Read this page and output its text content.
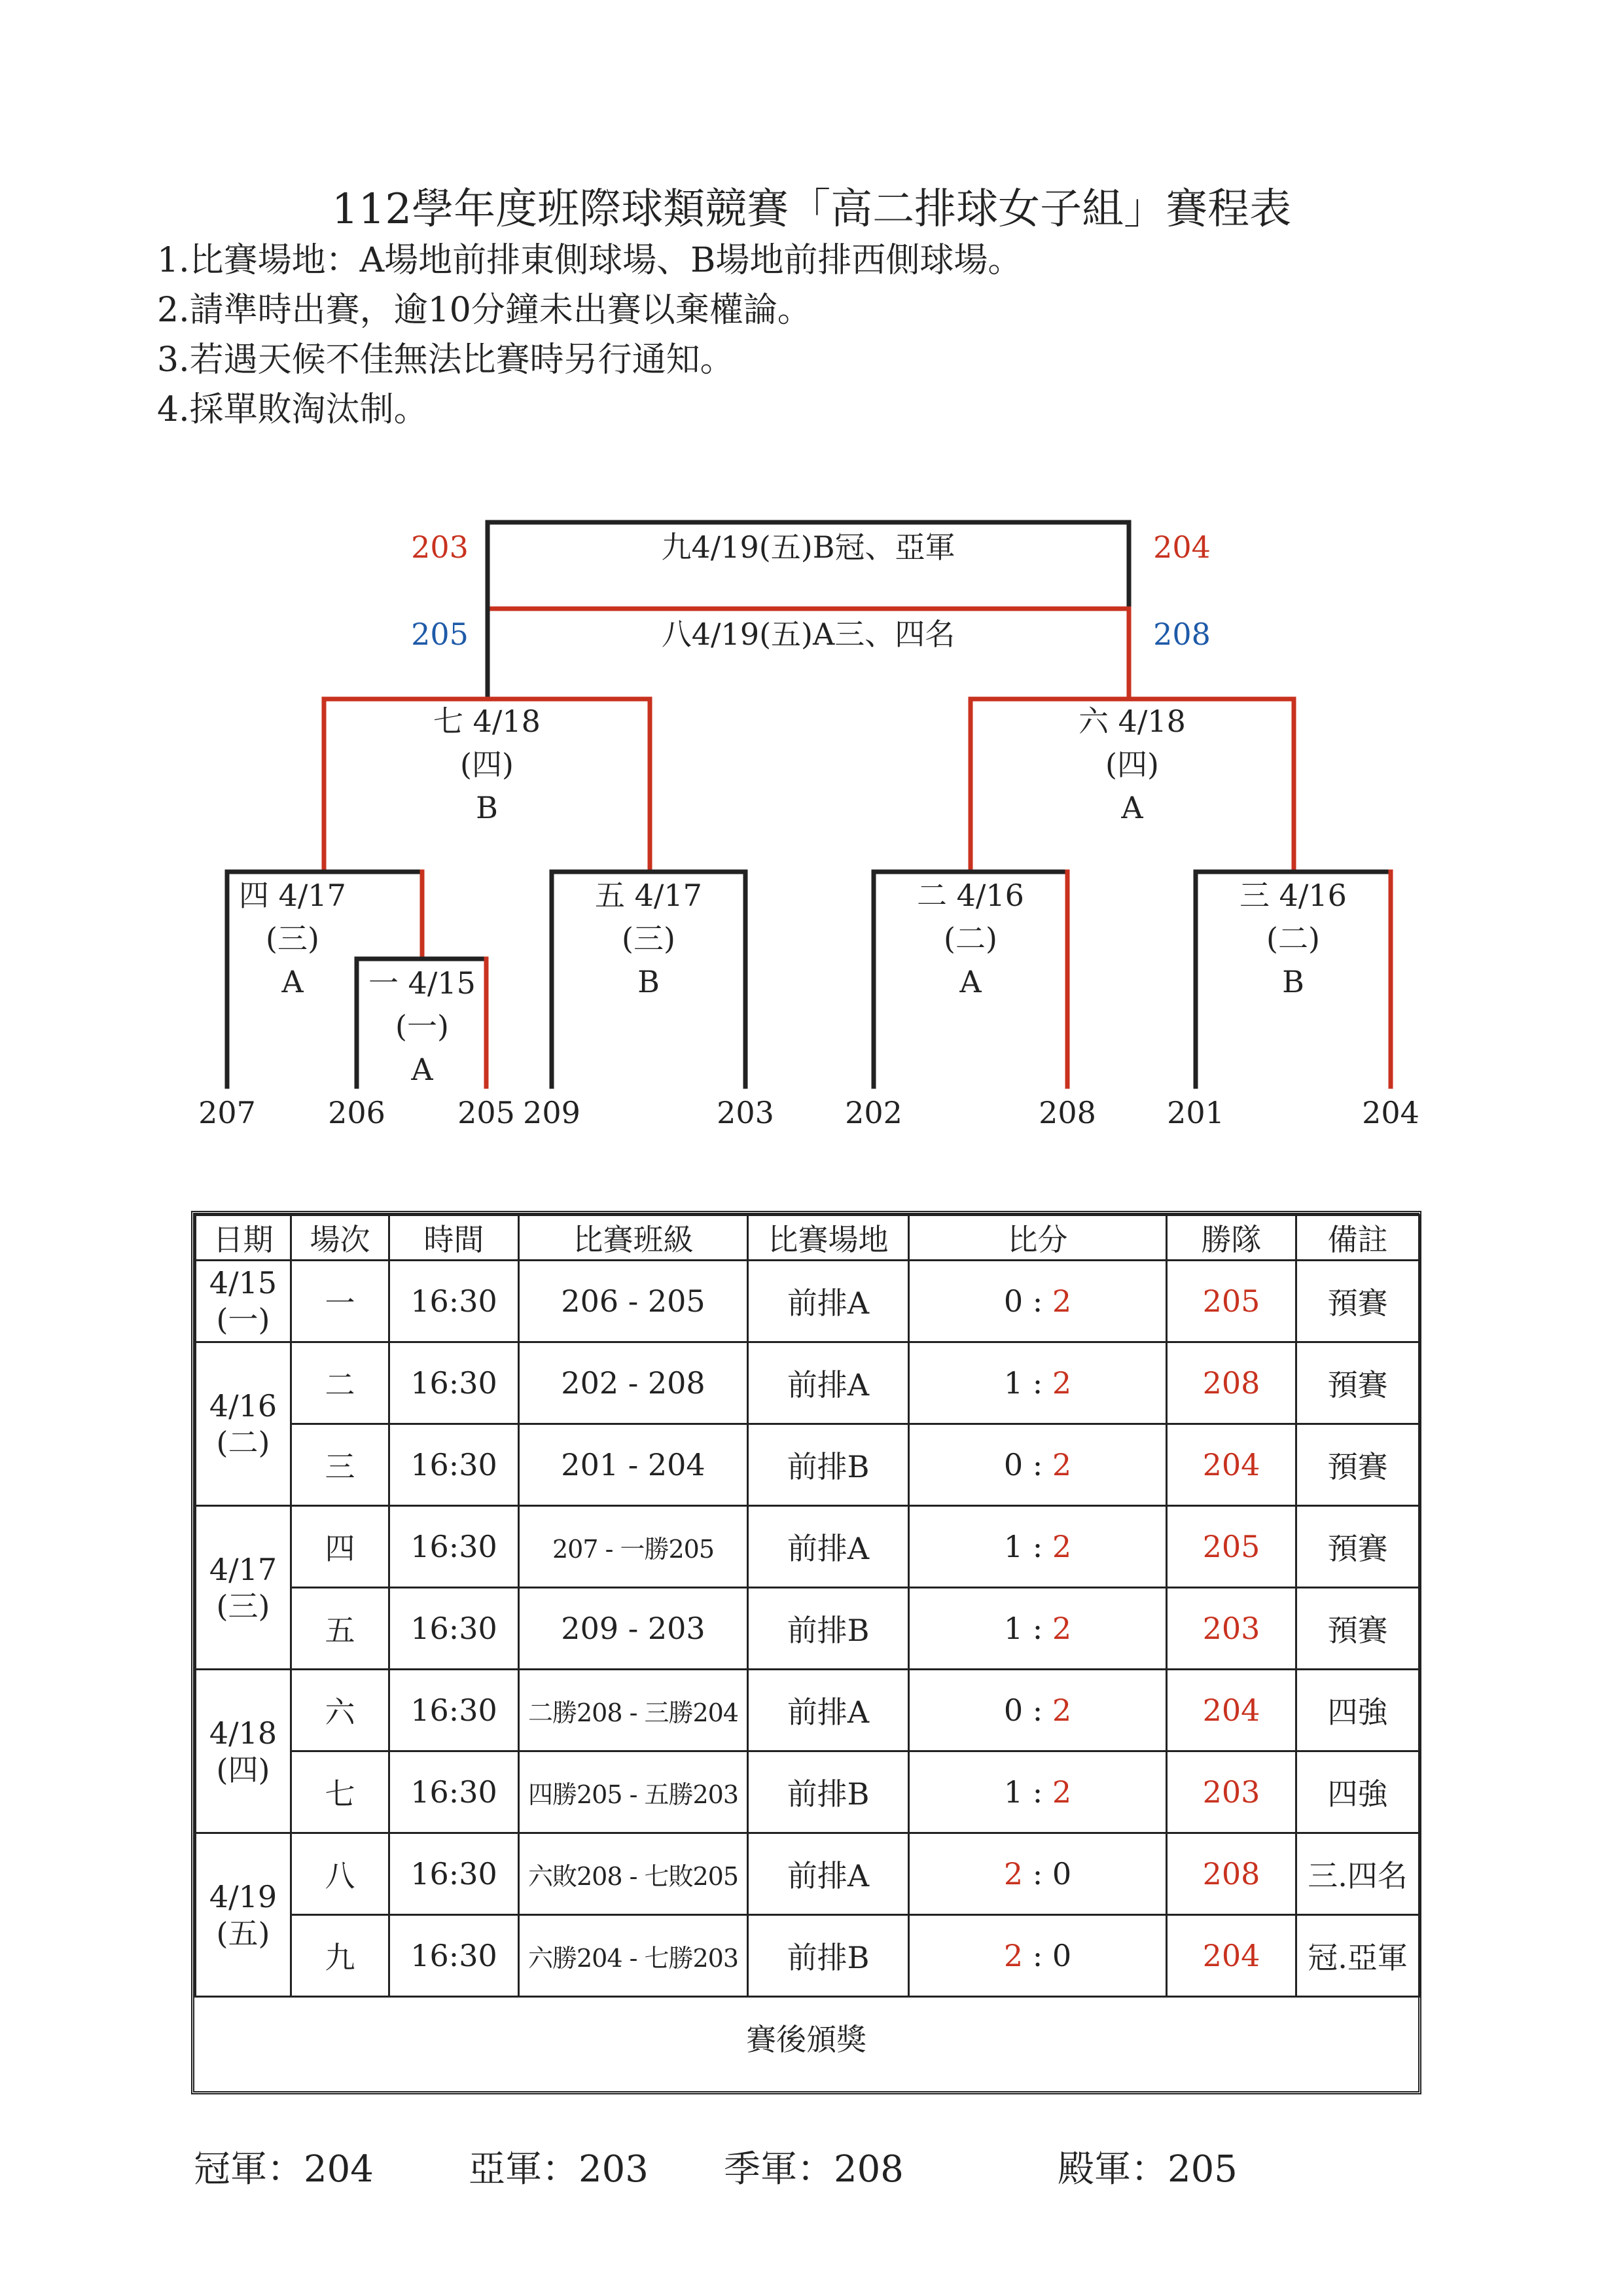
112學年度班際球類競賽「高二排球女子組」賽程表
1.比賽場地：A場地前排東側球場、B場地前排西側球場。
2.請準時出賽，逾10分鐘未出賽以棄權論。
3.若遇天候不佳無法比賽時另行通知。
4.採單敗淘汰制。
九4/19(五)B冠、亞軍
八4/19(五)A三、四名
203	204
205	208
七 4/18
(四)
B
六 4/18
(四)
A
四 4/17
(三)
A 一 4/15
(一)
A
五 4/17
(三)
B
二 4/16
(二)
A
三 4/16
(二)
B
207 206 205 209	203 202	208 201	204
日期	場次	時間	比賽班級	比賽場地	比分	勝隊	備註

4/15
(一)	一	16:30	206 - 205	前排A	0 : 2	205	預賽

4/16
(二)	二	16:30	202 - 208	前排A	1 : 2	208	預賽
	三	16:30	201 - 204	前排B	0 : 2	204	預賽

4/17
(三)	四	16:30	207 - 一勝205	前排A	1 : 2	205	預賽
	五	16:30	209 - 203	前排B	1 : 2	203	預賽

4/18
(四)	六	16:30	二勝208 - 三勝204	前排A	0 : 2	204	四強
	七	16:30	四勝205 - 五勝203	前排B	1 : 2	203	四強

4/19
(五)	八	16:30	六敗208 - 七敗205	前排A	2 : 0	208	三.四名
	九	16:30	六勝204 - 七勝203	前排B	2 : 0	204	冠.亞軍
賽後頒獎
冠軍：204	亞軍：203 季軍：208	殿軍：205
